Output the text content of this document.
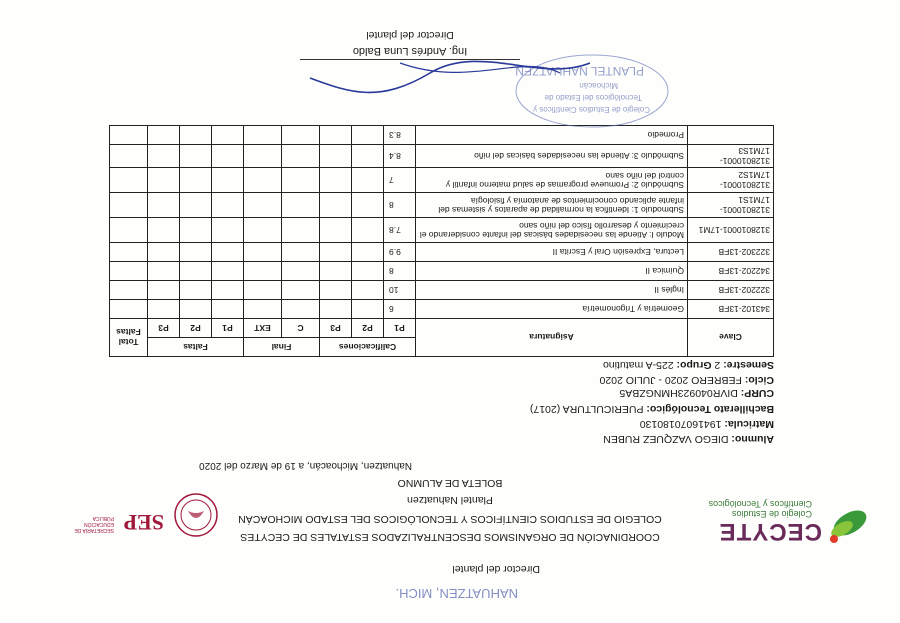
Director del plantel
NAHUATZEN, MICH.
CECYTE
Colegio de Estudios Científicos y Tecnológicos
COORDINACIÓN DE ORGANISMOS DESCENTRALIZADOS ESTATALES DE CECYTES
COLEGIO DE ESTUDIOS CIENTÍFICOS Y TECNOLÓGICOS DEL ESTADO MICHOACÁN
Plantel Nahuatzen
BOLETA DE ALUMNO
SEP
SECRETARÍA DE EDUCACIÓN PÚBLICA
Nahuatzen, Michoacán, a 19 de Marzo del 2020
Alumno: DIEGO VAZQUEZ RUBEN
Matricula: 19416070180130
Bachillerato Tecnológico: PUERICULTURA (2017)
CURP: DIVR040923HMNGZBA5
Ciclo: FEBRERO 2020 - JULIO 2020
Semestre: 2 Grupo: 225-A matutino
Clave	Asignatura	Calificaciones			Final		Faltas			Total Faltas
		P1	P2	P3	C	EXT	P1	P2	P3	
343102-13FB	Geometría y Trigonometría	6								
322202-13FB	Inglés II	10								
342202-13FB	Química II	8								
322302-13FB	Lectura, Expresión Oral y Escrita II	9.9								
3128010001-17M1	Modulo I: Atiende las necesidades básicas del infante considerando el crecimiento y desarrollo físico del niño sano	7.8								
3128010001-17M1S1	Submodulo 1: Identifica la normalidad de aparatos y sistemas del infante aplicando conocimientos de anatomía y fisiología	8								
3128010001-17M1S2	Submódulo 2: Promueve programas de salud materno infantil y control del niño sano	7								
3128010001-17M1S3	Submódulo 3: Atiende las necesidades básicas del niño	8.4								
	Promedio	8.3								
Colegio de Estudios Científicos y
Tecnológicos del Estado de
Michoacán
PLANTEL NAHUATZEN
Ing. Andrés Luna Baldo
Director del plantel
